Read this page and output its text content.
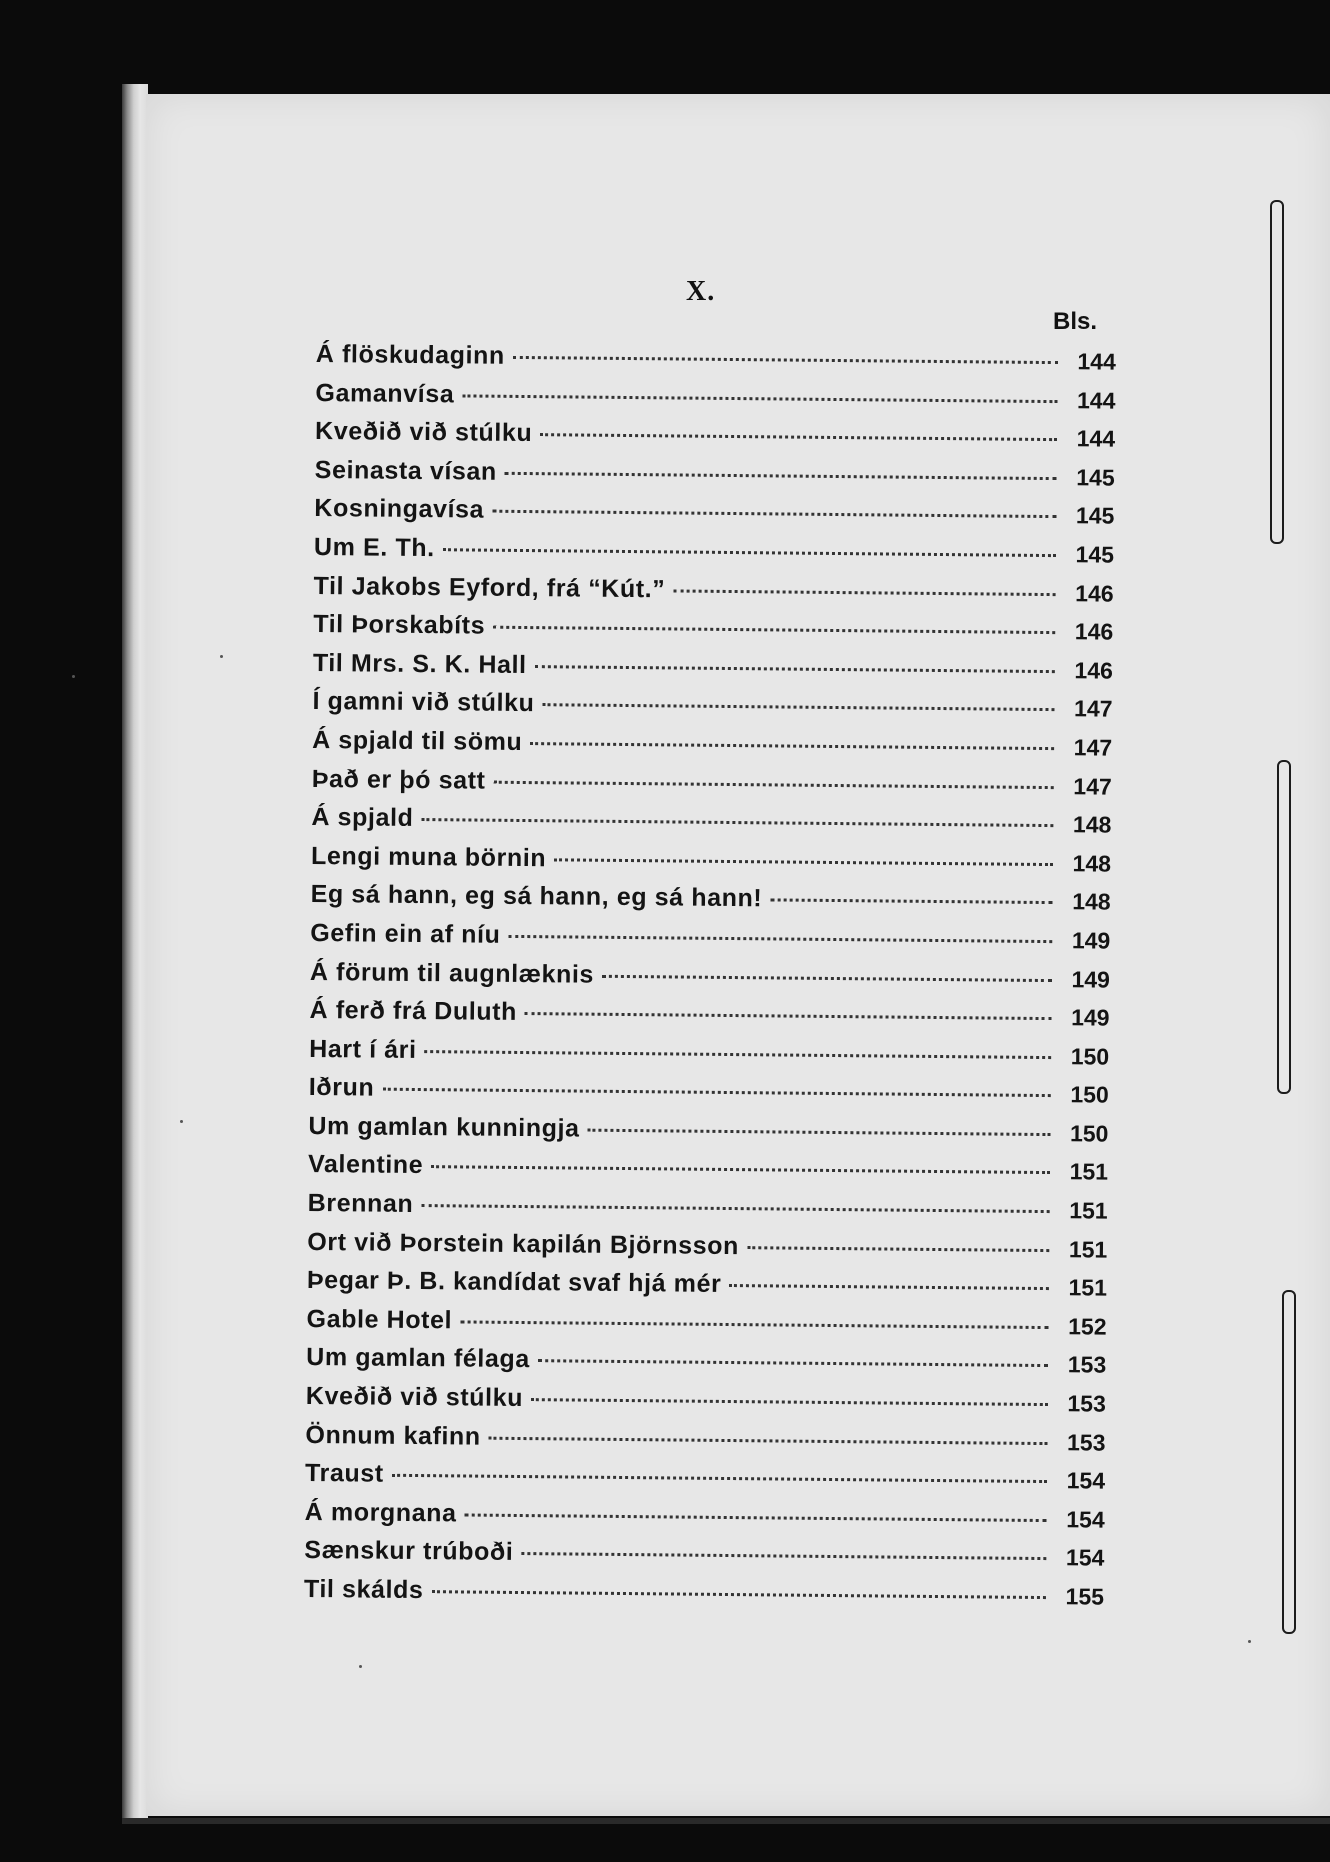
X.
Bls.
Á flöskudaginn	144
Gamanvísa	144
Kveðið við stúlku	144
Seinasta vísan	145
Kosningavísa	145
Um E. Th.	145
Til Jakobs Eyford, frá “Kút.”	146
Til Þorskabíts	146
Til Mrs. S. K. Hall	146
Í gamni við stúlku	147
Á spjald til sömu	147
Það er þó satt	147
Á spjald	148
Lengi muna börnin	148
Eg sá hann, eg sá hann, eg sá hann!	148
Gefin ein af níu	149
Á förum til augnlæknis	149
Á ferð frá Duluth	149
Hart í ári	150
Iðrun	150
Um gamlan kunningja	150
Valentine	151
Brennan	151
Ort við Þorstein kapilán Björnsson	151
Þegar Þ. B. kandídat svaf hjá mér	151
Gable Hotel	152
Um gamlan félaga	153
Kveðið við stúlku	153
Önnum kafinn	153
Traust	154
Á morgnana	154
Sænskur trúboði	154
Til skálds	155
